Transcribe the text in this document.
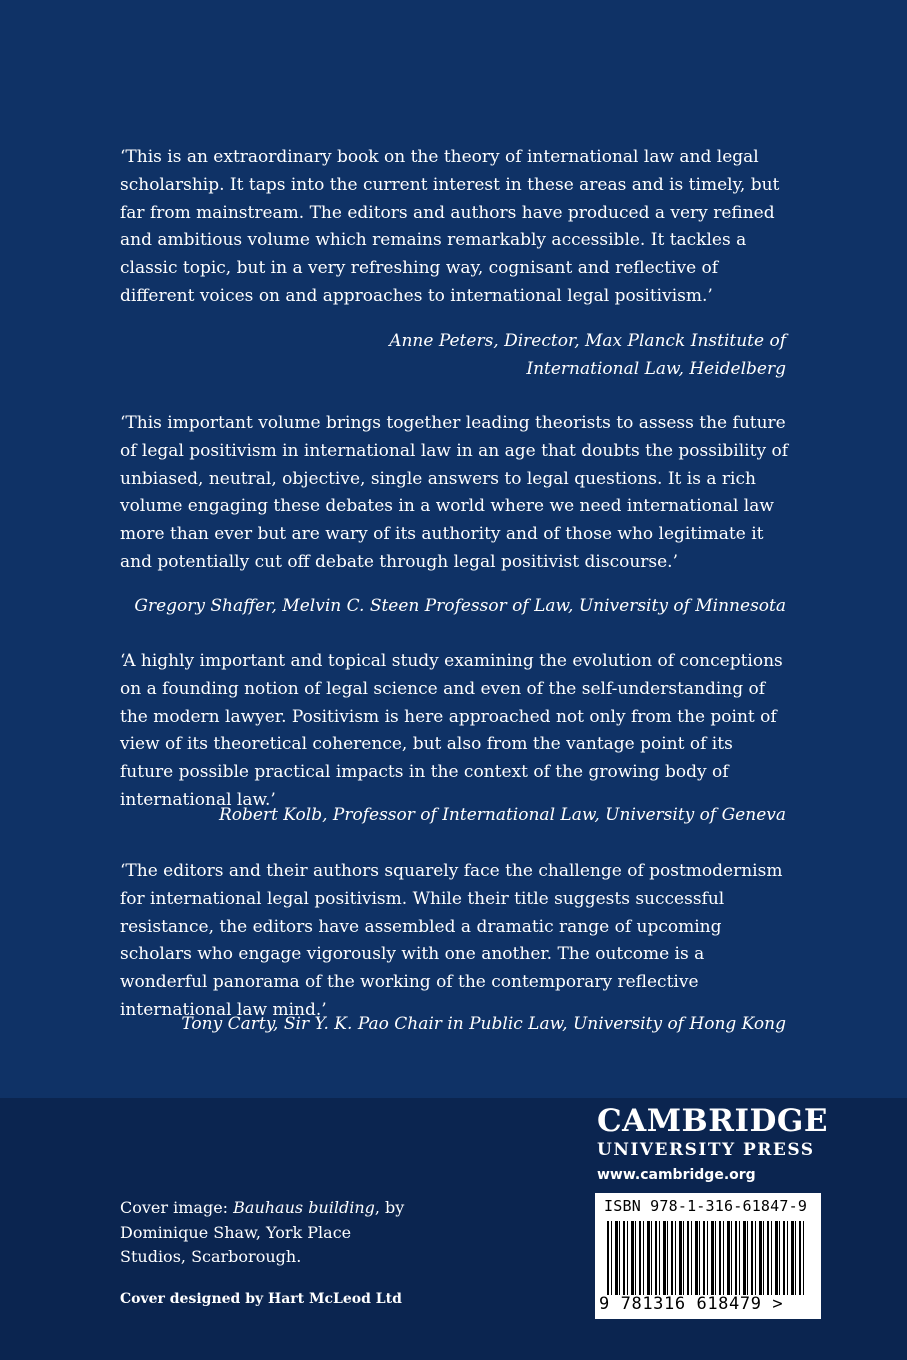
‘This is an extraordinary book on the theory of international law and legal scholarship. It taps into the current interest in these areas and is timely, but far from mainstream. The editors and authors have produced a very refined and ambitious volume which remains remarkably accessible. It tackles a classic topic, but in a very refreshing way, cognisant and reflective of different voices on and approaches to international legal positivism.’

Anne Peters, Director, Max Planck Institute of International Law, Heidelberg

‘This important volume brings together leading theorists to assess the future of legal positivism in international law in an age that doubts the possibility of unbiased, neutral, objective, single answers to legal questions. It is a rich volume engaging these debates in a world where we need international law more than ever but are wary of its authority and of those who legitimate it and potentially cut off debate through legal positivist discourse.’

Gregory Shaffer, Melvin C. Steen Professor of Law, University of Minnesota

‘A highly important and topical study examining the evolution of conceptions on a founding notion of legal science and even of the self-understanding of the modern lawyer. Positivism is here approached not only from the point of view of its theoretical coherence, but also from the vantage point of its future possible practical impacts in the context of the growing body of international law.’

Robert Kolb, Professor of International Law, University of Geneva

‘The editors and their authors squarely face the challenge of postmodernism for international legal positivism. While their title suggests successful resistance, the editors have assembled a dramatic range of upcoming scholars who engage vigorously with one another. The outcome is a wonderful panorama of the working of the contemporary reflective international law mind.’

Tony Carty, Sir Y. K. Pao Chair in Public Law, University of Hong Kong

Cover image: Bauhaus building, by Dominique Shaw, York Place Studios, Scarborough.
Cover designed by Hart McLeod Ltd
CAMBRIDGE
UNIVERSITY PRESS
www.cambridge.org
ISBN 978-1-316-61847-9
9 781316 618479 >
